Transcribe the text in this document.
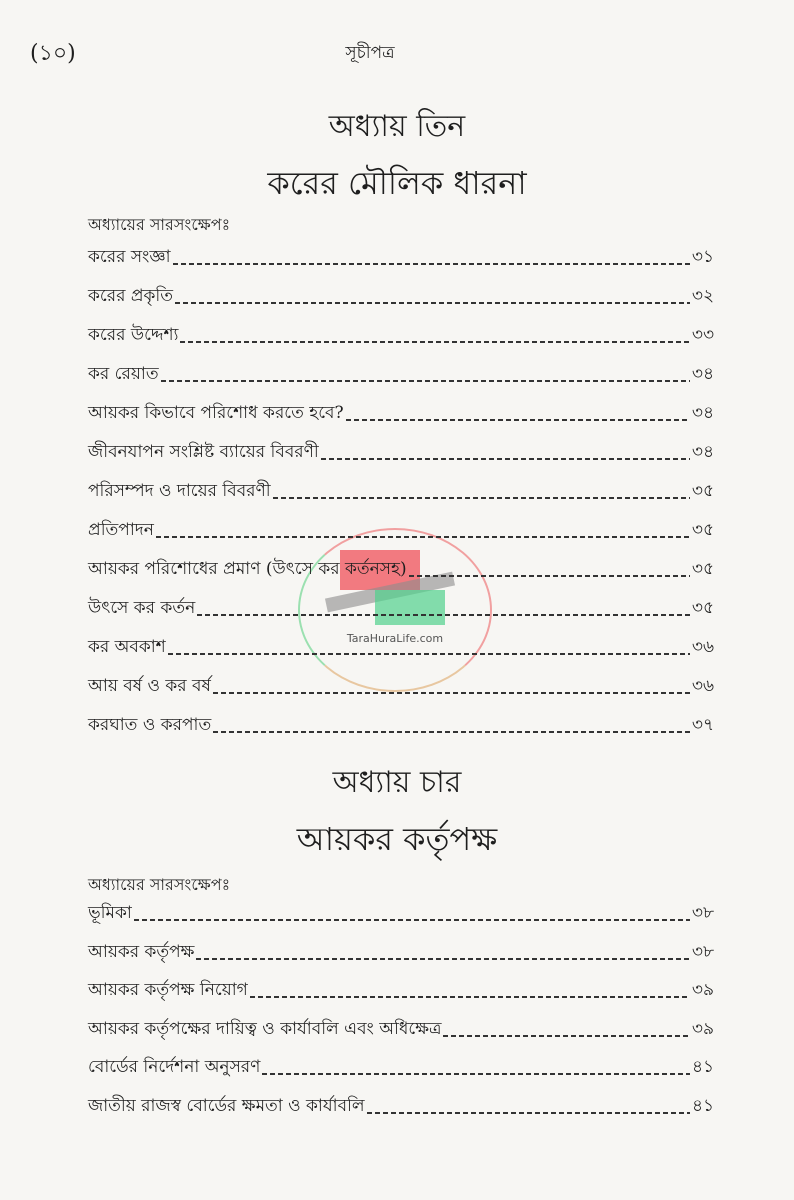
TaraHuraLife.com
(১০)	সূচীপত্র
অধ্যায় তিন
করের মৌলিক ধারনা
অধ্যায়ের সারসংক্ষেপঃ
করের সংজ্ঞা	৩১
করের প্রকৃতি	৩২
করের উদ্দেশ্য	৩৩
কর রেয়াত	৩৪
আয়কর কিভাবে পরিশোধ করতে হবে?	৩৪
জীবনযাপন সংশ্লিষ্ট ব্যায়ের বিবরণী	৩৪
পরিসম্পদ ও দায়ের বিবরণী	৩৫
প্রতিপাদন	৩৫
আয়কর পরিশোধের প্রমাণ (উৎসে কর কর্তনসহ)	৩৫
উৎসে কর কর্তন	৩৫
কর অবকাশ	৩৬
আয় বর্ষ ও কর বর্ষ	৩৬
করঘাত ও করপাত	৩৭
অধ্যায় চার
আয়কর কর্তৃপক্ষ
অধ্যায়ের সারসংক্ষেপঃ
ভূমিকা	৩৮
আয়কর কর্তৃপক্ষ	৩৮
আয়কর কর্তৃপক্ষ নিয়োগ	৩৯
আয়কর কর্তৃপক্ষের দায়িত্ব ও কার্যাবলি এবং অধিক্ষেত্র	৩৯
বোর্ডের নির্দেশনা অনুসরণ	৪১
জাতীয় রাজস্ব বোর্ডের ক্ষমতা ও কার্যাবলি	৪১
